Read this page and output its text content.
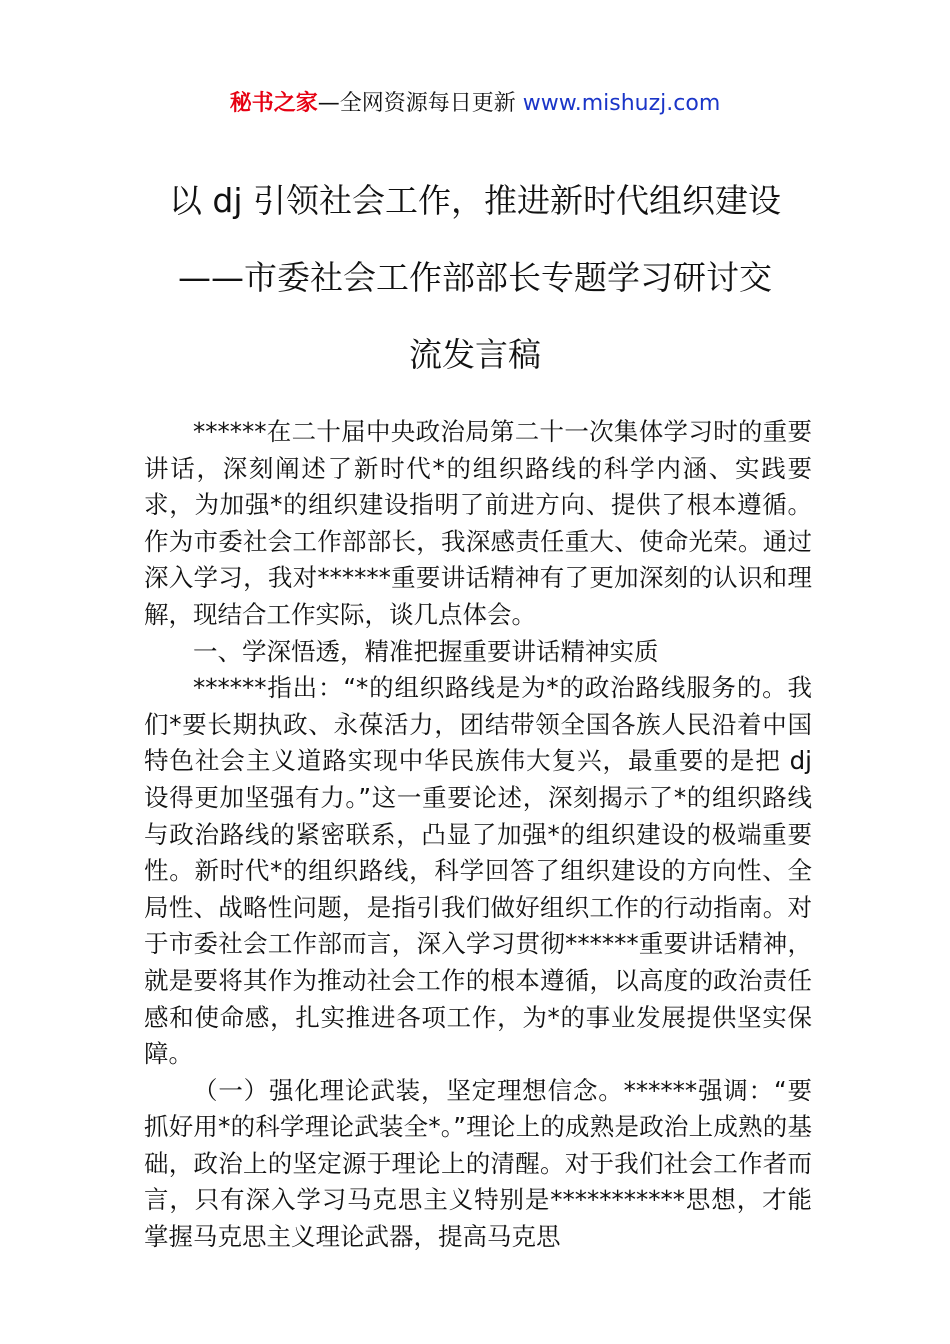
秘书之家—全网资源每日更新 www.mishuzj.com
以 dj 引领社会工作，推进新时代组织建设
——市委社会工作部部长专题学习研讨交
流发言稿

******在二十届中央政治局第二十一次集体学习时的重要讲话，深刻阐述了新时代*的组织路线的科学内涵、实践要求，为加强*的组织建设指明了前进方向、提供了根本遵循。作为市委社会工作部部长，我深感责任重大、使命光荣。通过深入学习，我对******重要讲话精神有了更加深刻的认识和理解，现结合工作实际，谈几点体会。

一、学深悟透，精准把握重要讲话精神实质

******指出：“*的组织路线是为*的政治路线服务的。我们*要长期执政、永葆活力，团结带领全国各族人民沿着中国特色社会主义道路实现中华民族伟大复兴，最重要的是把 dj 设得更加坚强有力。”这一重要论述，深刻揭示了*的组织路线与政治路线的紧密联系，凸显了加强*的组织建设的极端重要性。新时代*的组织路线，科学回答了组织建设的方向性、全局性、战略性问题，是指引我们做好组织工作的行动指南。对于市委社会工作部而言，深入学习贯彻******重要讲话精神，就是要将其作为推动社会工作的根本遵循，以高度的政治责任感和使命感，扎实推进各项工作，为*的事业发展提供坚实保障。

（一）强化理论武装，坚定理想信念。******强调：“要抓好用*的科学理论武装全*。”理论上的成熟是政治上成熟的基础，政治上的坚定源于理论上的清醒。对于我们社会工作者而言，只有深入学习马克思主义特别是***********思想，才能掌握马克思主义理论武器，提高马克思
